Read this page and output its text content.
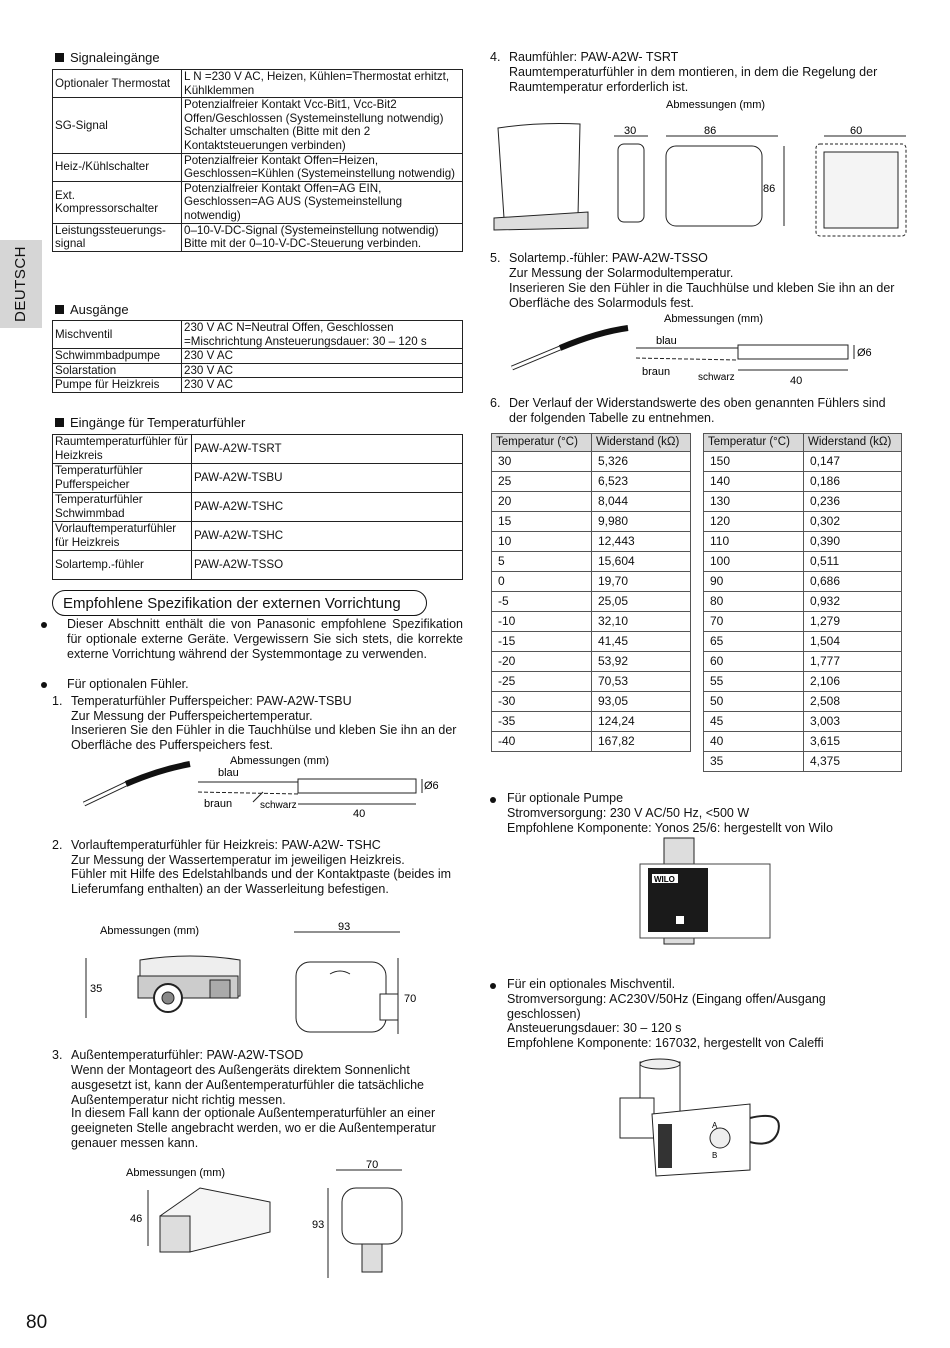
DEUTSCH
Signaleingänge
Optionaler Thermostat	L N =230 V AC, Heizen, Kühlen=Thermostat erhitzt, Kühlklemmen
SG-Signal	Potenzialfreier Kontakt Vcc-Bit1, Vcc-Bit2 Offen/Geschlossen (Systemeinstellung notwendig)
Schalter umschalten (Bitte mit den 2 Kontaktsteuerungen verbinden)
Heiz-/Kühlschalter	Potenzialfreier Kontakt Offen=Heizen, Geschlossen=Kühlen (Systemeinstellung notwendig)
Ext. Kompressorschalter	Potenzialfreier Kontakt Offen=AG EIN, Geschlossen=AG AUS (Systemeinstellung notwendig)
Leistungssteuerungs-signal	0–10-V-DC-Signal (Systemeinstellung notwendig) Bitte mit der 0–10-V-DC-Steuerung verbinden.
Ausgänge
Mischventil	230 V AC N=Neutral Offen, Geschlossen =Mischrichtung Ansteuerungsdauer: 30 – 120 s
Schwimmbadpumpe	230 V AC
Solarstation	230 V AC
Pumpe für Heizkreis	230 V AC
Eingänge für Temperaturfühler
Raumtemperaturfühler für Heizkreis	PAW-A2W-TSRT
Temperaturfühler Pufferspeicher	PAW-A2W-TSBU
Temperaturfühler Schwimmbad	PAW-A2W-TSHC
Vorlauftemperaturfühler für Heizkreis	PAW-A2W-TSHC
Solartemp.-fühler	PAW-A2W-TSSO
Empfohlene Spezifikation der externen Vorrichtung

Dieser Abschnitt enthält die von Panasonic empfohlene Spezifikation für optionale externe Geräte. Vergewissern Sie sich stets, die korrekte externe Vorrichtung während der Systemmontage zu verwenden.

Für optionalen Fühler.

1. Temperaturfühler Pufferspeicher: PAW-A2W-TSBU

Zur Messung der Pufferspeichertemperatur.

Inserieren Sie den Fühler in die Tauchhülse und kleben Sie ihn an der Oberfläche des Pufferspeichers fest.

Abmessungen (mm)
blau
braun	schwarz
Ø6
40

2. Vorlauftemperaturfühler für Heizkreis: PAW-A2W- TSHC

Zur Messung der Wassertemperatur im jeweiligen Heizkreis.

Fühler mit Hilfe des Edelstahlbands und der Kontaktpaste (beides im Lieferumfang enthalten) an der Wasserleitung befestigen.

Abmessungen (mm)
35
93
70

3. Außentemperaturfühler: PAW-A2W-TSOD

Wenn der Montageort des Außengeräts direktem Sonnenlicht ausgesetzt ist, kann der Außentemperaturfühler die tatsächliche Außentemperatur nicht richtig messen.

In diesem Fall kann der optionale Außentemperaturfühler an einer geeigneten Stelle angebracht werden, wo er die Außentemperatur genauer messen kann.

Abmessungen (mm)
46
70
93

80

4. Raumfühler: PAW-A2W- TSRT

Raumtemperaturfühler in dem montieren, in dem die Regelung der Raumtemperatur erforderlich ist.

Abmessungen (mm)
30	86
86
60

5. Solartemp.-fühler: PAW-A2W-TSSO

Zur Messung der Solarmodultemperatur.

Inserieren Sie den Fühler in die Tauchhülse und kleben Sie ihn an der Oberfläche des Solarmoduls fest.

Abmessungen (mm)
blau
braun	schwarz
Ø6
40

6. Der Verlauf der Widerstandswerte des oben genannten Fühlers sind der folgenden Tabelle zu entnehmen.

Temperatur (°C)	Widerstand (kΩ)
30	5,326
25	6,523
20	8,044
15	9,980
10	12,443
5	15,604
0	19,70
-5	25,05
-10	32,10
-15	41,45
-20	53,92
-25	70,53
-30	93,05
-35	124,24
-40	167,82
Temperatur (°C)	Widerstand (kΩ)
150	0,147
140	0,186
130	0,236
120	0,302
110	0,390
100	0,511
90	0,686
80	0,932
70	1,279
65	1,504
60	1,777
55	2,106
50	2,508
45	3,003
40	3,615
35	4,375

Für optionale Pumpe

Stromversorgung: 230 V AC/50 Hz, <500 W

Empfohlene Komponente: Yonos 25/6: hergestellt von Wilo

WILO

Für ein optionales Mischventil.

Stromversorgung: AC230V/50Hz (Eingang offen/Ausgang geschlossen)

Ansteuerungsdauer: 30 – 120 s

Empfohlene Komponente: 167032, hergestellt von Caleffi

CALEFFI	A
B
